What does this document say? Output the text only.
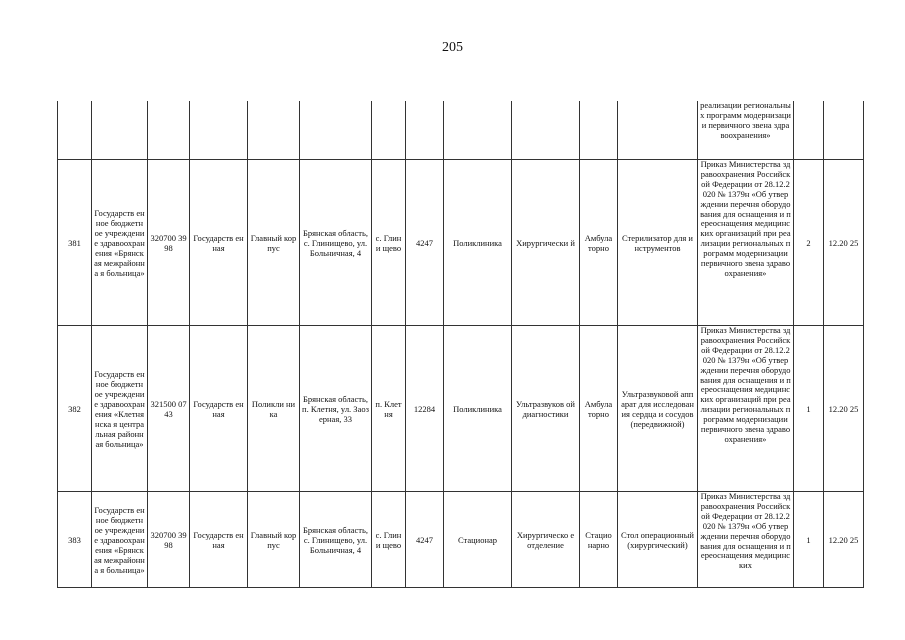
205
												реализации региональных программ модернизации первичного звена здравоохранения»		
381	Государств енное бюджетное учреждение здравоохран ения «Брянская межрайонна я больница»	320700 3998	Государств енная	Главный корпус	Брянская область, с. Глинищево, ул. Больничная, 4	с. Глини щево	4247	Поликлиника	Хирургически й	Амбула торно	Стерилизатор для инструментов	Приказ Министерства здравоохранения Российской Федерации от 28.12.2020 № 1379н «Об утверждении перечня оборудования для оснащения и переоснащения медицинских организаций при реализации региональных программ модернизации первичного звена здравоохранения»	2	12.20 25
382	Государств енное бюджетное учреждение здравоохран ения «Клетнянска я центральная районная больница»	321500 0743	Государств енная	Поликли ника	Брянская область, п. Клетня, ул. Заозерная, 33	п. Клетня	12284	Поликлиника	Ультразвуков ой диагностики	Амбула торно	Ультразвуковой аппарат для исследования сердца и сосудов (передвижной)	Приказ Министерства здравоохранения Российской Федерации от 28.12.2020 № 1379н «Об утверждении перечня оборудования для оснащения и переоснащения медицинских организаций при реализации региональных программ модернизации первичного звена здравоохранения»	1	12.20 25
383	Государств енное бюджетное учреждение здравоохран ения «Брянская межрайонна я больница»	320700 3998	Государств енная	Главный корпус	Брянская область, с. Глинищево, ул. Больничная, 4	с. Глини щево	4247	Стационар	Хирургическо е отделение	Стацио нарно	Стол операционный (хирургический)	Приказ Министерства здравоохранения Российской Федерации от 28.12.2020 № 1379н «Об утверждении перечня оборудования для оснащения и переоснащения медицинских	1	12.20 25
